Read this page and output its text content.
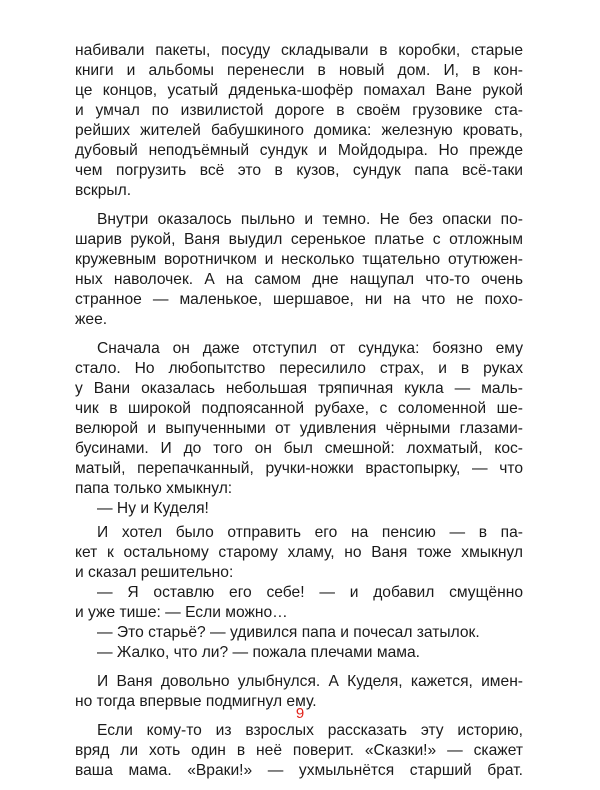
набивали пакеты, посуду складывали в коробки, старые
книги и альбомы перенесли в новый дом. И, в кон-
це концов, усатый дяденька-шофёр помахал Ване рукой
и умчал по извилистой дороге в своём грузовике ста-
рейших жителей бабушкиного домика: железную кровать,
дубовый неподъёмный сундук и Мойдодыра. Но прежде
чем погрузить всё это в кузов, сундук папа всё-таки
вскрыл.
Внутри оказалось пыльно и темно. Не без опаски по-
шарив рукой, Ваня выудил серенькое платье с отложным
кружевным воротничком и несколько тщательно отутюжен-
ных наволочек. А на самом дне нащупал что-то очень
странное — маленькое, шершавое, ни на что не похо-
жее.
Сначала он даже отступил от сундука: боязно ему
стало. Но любопытство пересилило страх, и в руках
у Вани оказалась небольшая тряпичная кукла — маль-
чик в широкой подпоясанной рубахе, с соломенной ше-
велюрой и выпученными от удивления чёрными глазами-
бусинами. И до того он был смешной: лохматый, кос-
матый, перепачканный, ручки-ножки врастопырку, — что
папа только хмыкнул:
— Ну и Куделя!
И хотел было отправить его на пенсию — в па-
кет к остальному старому хламу, но Ваня тоже хмыкнул
и сказал решительно:
— Я оставлю его себе! — и добавил смущённо
и уже тише: — Если можно…
— Это старьё? — удивился папа и почесал затылок.
— Жалко, что ли? — пожала плечами мама.
И Ваня довольно улыбнулся. А Куделя, кажется, имен-
но тогда впервые подмигнул ему.
Если кому-то из взрослых рассказать эту историю,
вряд ли хоть один в неё поверит. «Сказки!» — скажет
ваша мама. «Враки!» — ухмыльнётся старший брат.
9
